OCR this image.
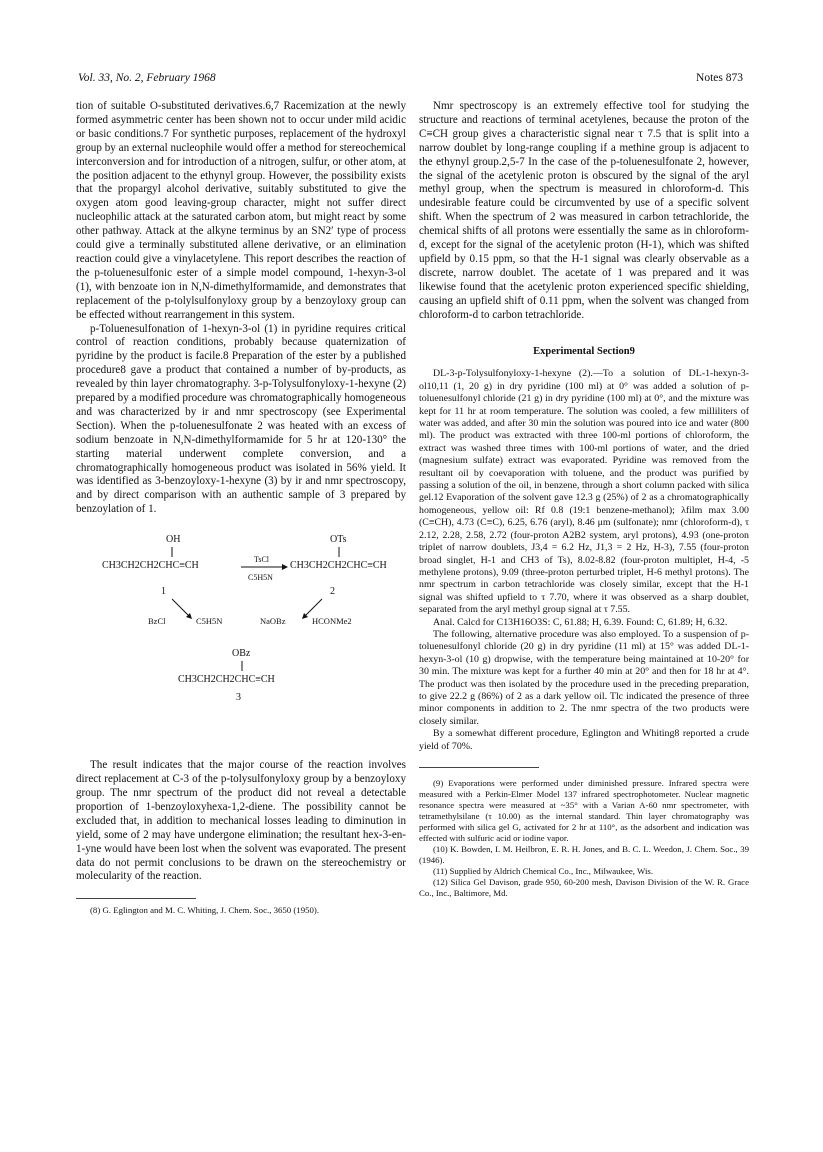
Vol. 33, No. 2, February 1968	Notes 873

tion of suitable O-substituted derivatives.6,7 Racemization at the newly formed asymmetric center has been shown not to occur under mild acidic or basic conditions.7 For synthetic purposes, replacement of the hydroxyl group by an external nucleophile would offer a method for stereochemical interconversion and for introduction of a nitrogen, sulfur, or other atom, at the position adjacent to the ethynyl group. However, the possibility exists that the propargyl alcohol derivative, suitably substituted to give the oxygen atom good leaving-group character, might not suffer direct nucleophilic attack at the saturated carbon atom, but might react by some other pathway. Attack at the alkyne terminus by an SN2′ type of process could give a terminally substituted allene derivative, or an elimination reaction could give a vinylacetylene. This report describes the reaction of the p-toluenesulfonic ester of a simple model compound, 1-hexyn-3-ol (1), with benzoate ion in N,N-dimethylformamide, and demonstrates that replacement of the p-tolylsulfonyloxy group by a benzoyloxy group can be effected without rearrangement in this system.

p-Toluenesulfonation of 1-hexyn-3-ol (1) in pyridine requires critical control of reaction conditions, probably because quaternization of pyridine by the product is facile.8 Preparation of the ester by a published procedure8 gave a product that contained a number of by-products, as revealed by thin layer chromatography. 3-p-Tolysulfonyloxy-1-hexyne (2) prepared by a modified procedure was chromatographically homogeneous and was characterized by ir and nmr spectroscopy (see Experimental Section). When the p-toluenesulfonate 2 was heated with an excess of sodium benzoate in N,N-dimethylformamide for 5 hr at 120-130° the starting material underwent complete conversion, and a chromatographically homogeneous product was isolated in 56% yield. It was identified as 3-benzoyloxy-1-hexyne (3) by ir and nmr spectroscopy, and by direct comparison with an authentic sample of 3 prepared by benzoylation of 1.

OH	OTs
CH3CH2CH2CHC≡CH
TsCl
C5H5N
CH3CH2CH2CHC≡CH
1	2
BzCl	C5H5N	NaOBz	HCONMe2
OBz
CH3CH2CH2CHC≡CH
3

The result indicates that the major course of the reaction involves direct replacement at C-3 of the p-tolysulfonyloxy group by a benzoyloxy group. The nmr spectrum of the product did not reveal a detectable proportion of 1-benzoyloxyhexa-1,2-diene. The possibility cannot be excluded that, in addition to mechanical losses leading to diminution in yield, some of 2 may have undergone elimination; the resultant hex-3-en-1-yne would have been lost when the solvent was evaporated. The present data do not permit conclusions to be drawn on the stereochemistry or molecularity of the reaction.

(8) G. Eglington and M. C. Whiting, J. Chem. Soc., 3650 (1950).

Nmr spectroscopy is an extremely effective tool for studying the structure and reactions of terminal acetylenes, because the proton of the C≡CH group gives a characteristic signal near τ 7.5 that is split into a narrow doublet by long-range coupling if a methine group is adjacent to the ethynyl group.2,5-7 In the case of the p-toluenesulfonate 2, however, the signal of the acetylenic proton is obscured by the signal of the aryl methyl group, when the spectrum is measured in chloroform-d. This undesirable feature could be circumvented by use of a specific solvent shift. When the spectrum of 2 was measured in carbon tetrachloride, the chemical shifts of all protons were essentially the same as in chloroform-d, except for the signal of the acetylenic proton (H-1), which was shifted upfield by 0.15 ppm, so that the H-1 signal was clearly observable as a discrete, narrow doublet. The acetate of 1 was prepared and it was likewise found that the acetylenic proton experienced specific shielding, causing an upfield shift of 0.11 ppm, when the solvent was changed from chloroform-d to carbon tetrachloride.

Experimental Section9

DL-3-p-Tolysulfonyloxy-1-hexyne (2).—To a solution of DL-1-hexyn-3-ol10,11 (1, 20 g) in dry pyridine (100 ml) at 0° was added a solution of p-toluenesulfonyl chloride (21 g) in dry pyridine (100 ml) at 0°, and the mixture was kept for 11 hr at room temperature. The solution was cooled, a few milliliters of water was added, and after 30 min the solution was poured into ice and water (800 ml). The product was extracted with three 100-ml portions of chloroform, the extract was washed three times with 100-ml portions of water, and the dried (magnesium sulfate) extract was evaporated. Pyridine was removed from the resultant oil by coevaporation with toluene, and the product was purified by passing a solution of the oil, in benzene, through a short column packed with silica gel.12 Evaporation of the solvent gave 12.3 g (25%) of 2 as a chromatographically homogeneous, yellow oil: Rf 0.8 (19:1 benzene-methanol); λfilm max 3.00 (C≡CH), 4.73 (C≡C), 6.25, 6.76 (aryl), 8.46 μm (sulfonate); nmr (chloroform-d), τ 2.12, 2.28, 2.58, 2.72 (four-proton A2B2 system, aryl protons), 4.93 (one-proton triplet of narrow doublets, J3,4 = 6.2 Hz, J1,3 = 2 Hz, H-3), 7.55 (four-proton broad singlet, H-1 and CH3 of Ts), 8.02-8.82 (four-proton multiplet, H-4, -5 methylene protons), 9.09 (three-proton perturbed triplet, H-6 methyl protons). The nmr spectrum in carbon tetrachloride was closely similar, except that the H-1 signal was shifted upfield to τ 7.70, where it was observed as a sharp doublet, separated from the aryl methyl group signal at τ 7.55.

Anal. Calcd for C13H16O3S: C, 61.88; H, 6.39. Found: C, 61.89; H, 6.32.

The following, alternative procedure was also employed. To a suspension of p-toluenesulfonyl chloride (20 g) in dry pyridine (11 ml) at 15° was added DL-1-hexyn-3-ol (10 g) dropwise, with the temperature being maintained at 10-20° for 30 min. The mixture was kept for a further 40 min at 20° and then for 18 hr at 4°. The product was then isolated by the procedure used in the preceding preparation, to give 22.2 g (86%) of 2 as a dark yellow oil. Tlc indicated the presence of three minor components in addition to 2. The nmr spectra of the two products were closely similar.

By a somewhat different procedure, Eglington and Whiting8 reported a crude yield of 70%.

(9) Evaporations were performed under diminished pressure. Infrared spectra were measured with a Perkin-Elmer Model 137 infrared spectrophotometer. Nuclear magnetic resonance spectra were measured at ~35° with a Varian A-60 nmr spectrometer, with tetramethylsilane (τ 10.00) as the internal standard. Thin layer chromatography was performed with silica gel G, activated for 2 hr at 110°, as the adsorbent and indication was effected with sulfuric acid or iodine vapor.

(10) K. Bowden, I. M. Heilbron, E. R. H. Jones, and B. C. L. Weedon, J. Chem. Soc., 39 (1946).

(11) Supplied by Aldrich Chemical Co., Inc., Milwaukee, Wis.

(12) Silica Gel Davison, grade 950, 60-200 mesh, Davison Division of the W. R. Grace Co., Inc., Baltimore, Md.
